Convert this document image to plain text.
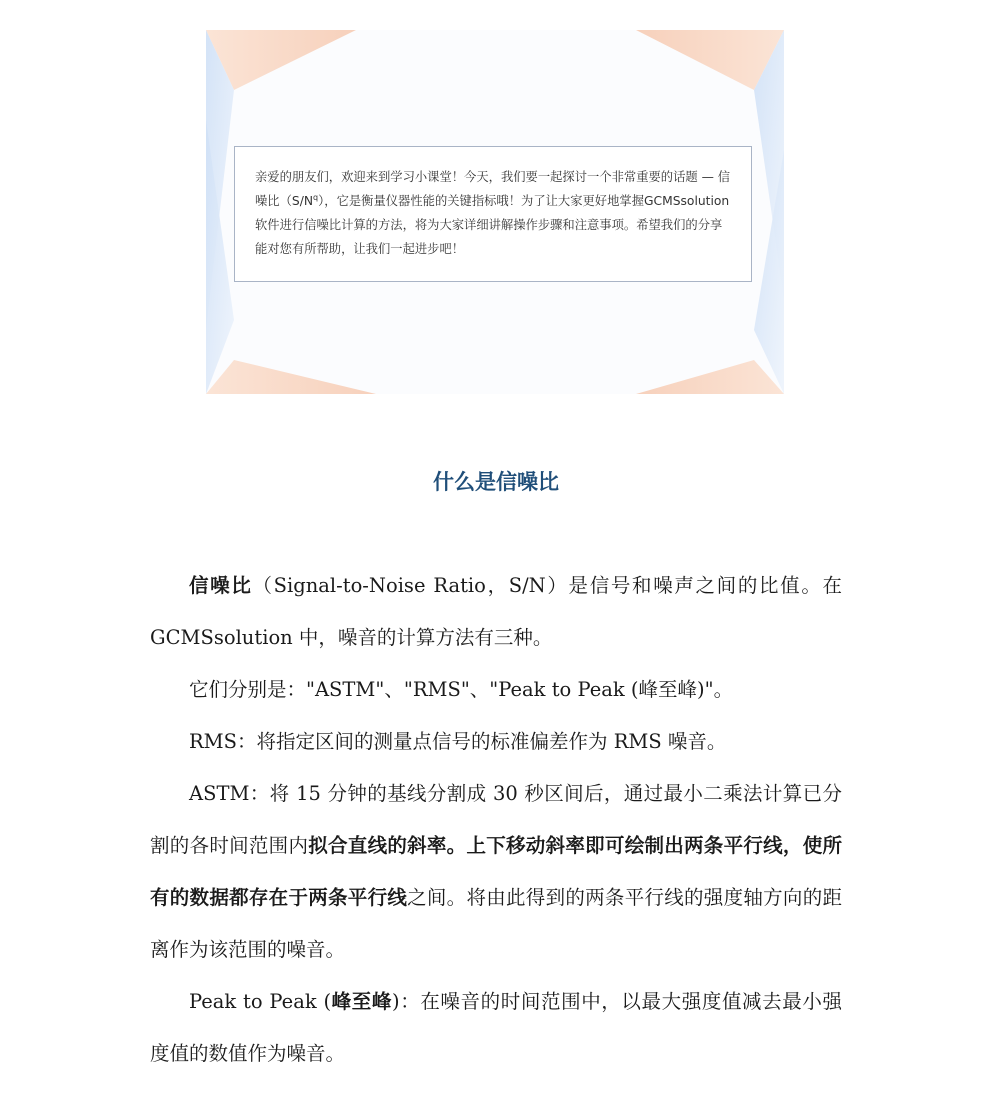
亲爱的朋友们，欢迎来到学习小课堂！今天，我们要一起探讨一个非常重要的话题 — 信噪比$(S/N^q)$，它是衡量仪器性能的关键指标哦！为了让大家更好地掌握GCMSsolution软件进行信噪比计算的方法，将为大家详细讲解操作步骤和注意事项。希望我们的分享能对您有所帮助，让我们一起进步吧！

什么是信噪比

信噪比（Signal-to-Noise Ratio，S/N）是信号和噪声之间的比值。在 GCMSsolution 中，噪音的计算方法有三种。

它们分别是："ASTM"、"RMS"、"Peak to Peak (峰至峰)"。

RMS：将指定区间的测量点信号的标准偏差作为 RMS 噪音。

ASTM：将 15 分钟的基线分割成 30 秒区间后，通过最小二乘法计算已分割的各时间范围内拟合直线的斜率。上下移动斜率即可绘制出两条平行线，使所有的数据都存在于两条平行线之间。将由此得到的两条平行线的强度轴方向的距离作为该范围的噪音。

Peak to Peak (峰至峰)：在噪音的时间范围中，以最大强度值减去最小强度值的数值作为噪音。
